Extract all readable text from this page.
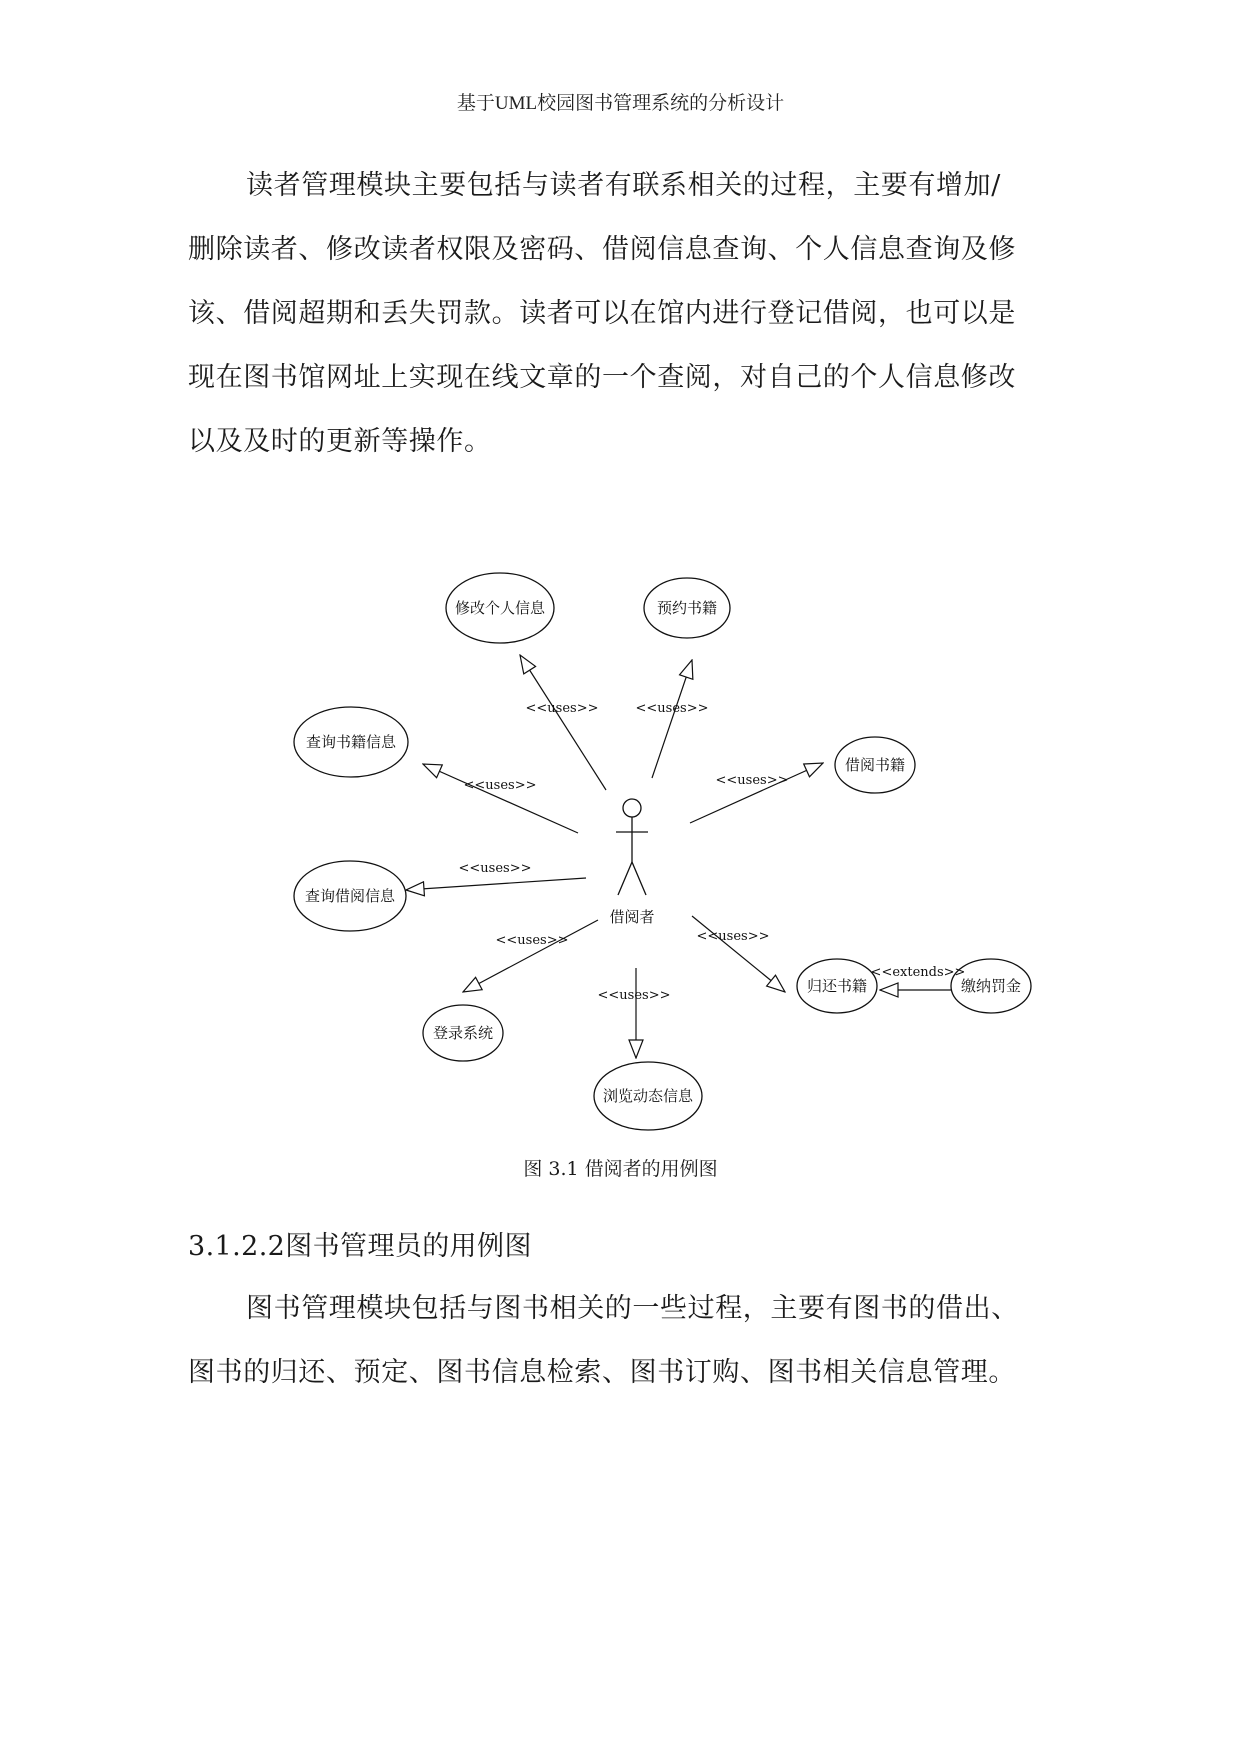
基于UML校园图书管理系统的分析设计

读者管理模块主要包括与读者有联系相关的过程，主要有增加/
删除读者、修改读者权限及密码、借阅信息查询、个人信息查询及修
该、借阅超期和丢失罚款。读者可以在馆内进行登记借阅，也可以是
现在图书馆网址上实现在线文章的一个查阅，对自己的个人信息修改
以及及时的更新等操作。

借阅者
修改个人信息	预约书籍
查询书籍信息
借阅书籍
查询借阅信息
归还书籍	缴纳罚金
登录系统
浏览动态信息
<<uses>>	<<uses>>
<<uses>>	<<uses>>
<<uses>>
<<uses>>
<<uses>>
<<uses>>
<<extends>>
图 3.1 借阅者的用例图
3.1.2.2图书管理员的用例图

图书管理模块包括与图书相关的一些过程，主要有图书的借出、
图书的归还、预定、图书信息检索、图书订购、图书相关信息管理。
